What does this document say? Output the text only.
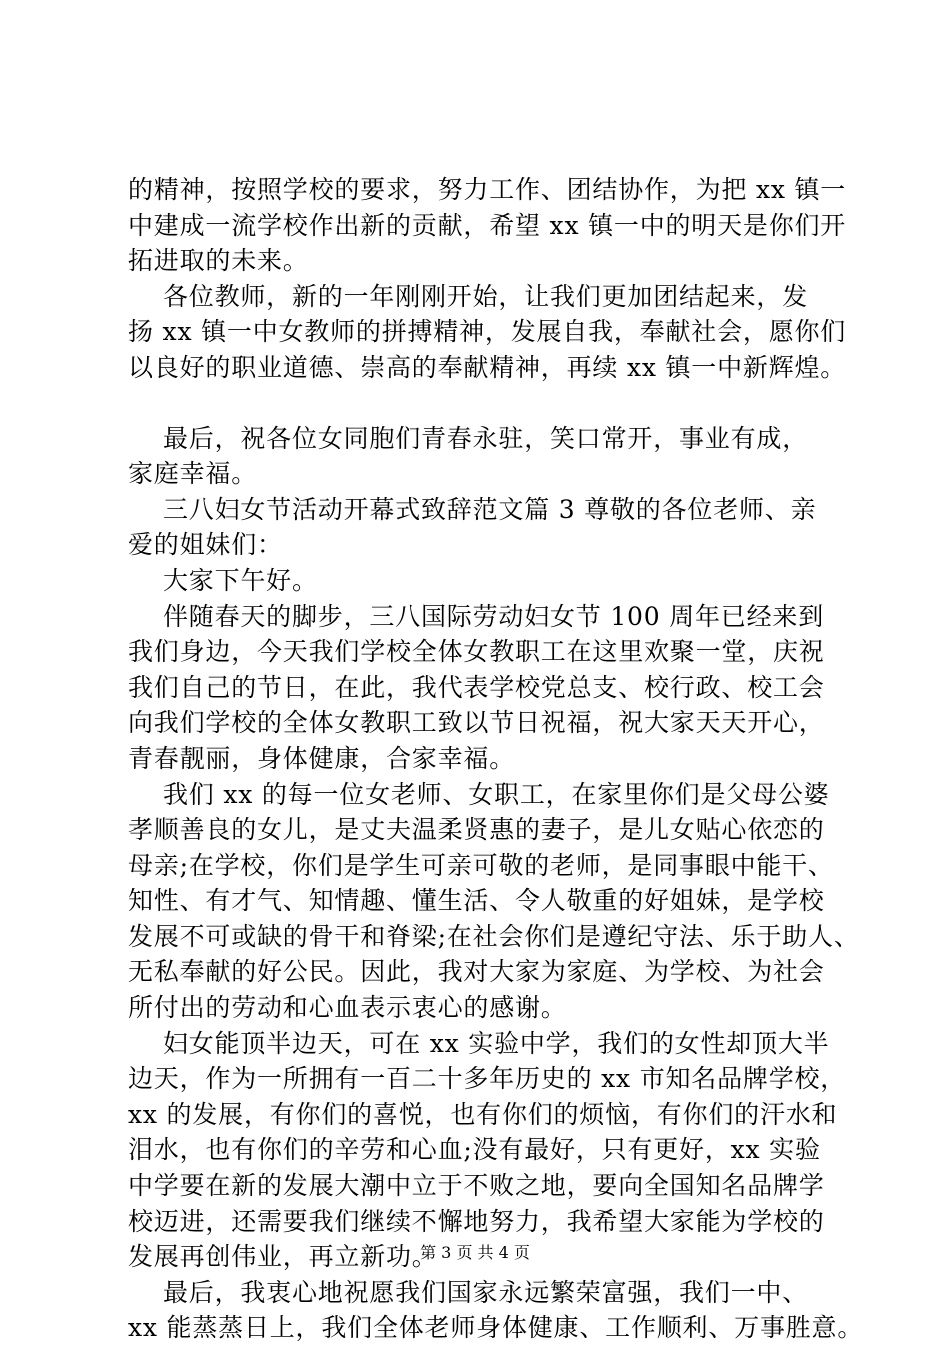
的精神，按照学校的要求，努力工作、团结协作，为把 xx 镇一
中建成一流学校作出新的贡献，希望 xx 镇一中的明天是你们开
拓进取的未来。
各位教师，新的一年刚刚开始，让我们更加团结起来，发
扬 xx 镇一中女教师的拼搏精神，发展自我，奉献社会，愿你们
以良好的职业道德、崇高的奉献精神，再续 xx 镇一中新辉煌。
最后，祝各位女同胞们青春永驻，笑口常开，事业有成，
家庭幸福。
三八妇女节活动开幕式致辞范文篇 3 尊敬的各位老师、亲
爱的姐妹们：
大家下午好。
伴随春天的脚步，三八国际劳动妇女节 100 周年已经来到
我们身边，今天我们学校全体女教职工在这里欢聚一堂，庆祝
我们自己的节日，在此，我代表学校党总支、校行政、校工会
向我们学校的全体女教职工致以节日祝福，祝大家天天开心，
青春靓丽，身体健康，合家幸福。
我们 xx 的每一位女老师、女职工，在家里你们是父母公婆
孝顺善良的女儿，是丈夫温柔贤惠的妻子，是儿女贴心依恋的
母亲;在学校，你们是学生可亲可敬的老师，是同事眼中能干、
知性、有才气、知情趣、懂生活、令人敬重的好姐妹，是学校
发展不可或缺的骨干和脊梁;在社会你们是遵纪守法、乐于助人、
无私奉献的好公民。因此，我对大家为家庭、为学校、为社会
所付出的劳动和心血表示衷心的感谢。
妇女能顶半边天，可在 xx 实验中学，我们的女性却顶大半
边天，作为一所拥有一百二十多年历史的 xx 市知名品牌学校，
xx 的发展，有你们的喜悦，也有你们的烦恼，有你们的汗水和
泪水，也有你们的辛劳和心血;没有最好，只有更好，xx 实验
中学要在新的发展大潮中立于不败之地，要向全国知名品牌学
校迈进，还需要我们继续不懈地努力，我希望大家能为学校的
发展再创伟业，再立新功。
最后，我衷心地祝愿我们国家永远繁荣富强，我们一中、
xx 能蒸蒸日上，我们全体老师身体健康、工作顺利、万事胜意。
第 3 页 共 4 页
